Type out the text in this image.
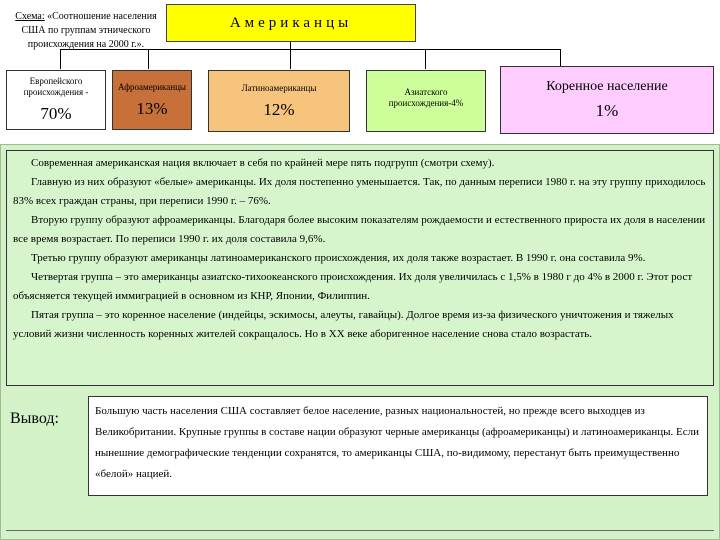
Схема: «Соотношение населения США по группам этнического происхождения на 2000 г.».
Американцы
Европейского происхождения -
70%
Афроамериканцы
13%
Латиноамериканцы
12%
Азиатского происхождения-4%
Коренное население
1%

Современная американская нация включает в себя по крайней мере пять подгрупп (смотри схему).

Главную из них образуют «белые» американцы. Их доля постепенно уменьшается. Так, по данным переписи 1980 г. на эту группу приходилось 83% всех граждан страны, при переписи 1990 г. – 76%.

Вторую группу образуют афроамериканцы. Благодаря более высоким показателям рождаемости и естественного прироста их доля в населении все время возрастает. По переписи 1990 г. их доля составила 9,6%.

Третью группу образуют американцы латиноамериканского происхождения, их доля также возрастает. В 1990 г. она составила 9%.

Четвертая группа – это американцы азиатско-тихоокеанского происхождения. Их доля увеличилась с 1,5% в 1980 г до 4% в 2000 г. Этот рост объясняется текущей иммиграцией в основном из КНР, Японии, Филиппин.

Пятая группа – это коренное население (индейцы, эскимосы, алеуты, гавайцы). Долгое время из-за физического уничтожения и тяжелых условий жизни численность коренных жителей сокращалось. Но в XX веке аборигенное население снова стало возрастать.

Вывод:	Большую часть населения США составляет белое население, разных национальностей, но преждe всего выходцев из Великобритании. Крупные группы в составе нации образуют черные американцы (афроамериканцы) и латиноамериканцы. Если нынешние демографические тенденции сохранятся, то американцы США, по-видимому, перестанут быть преимущественно «белой» нацией.
